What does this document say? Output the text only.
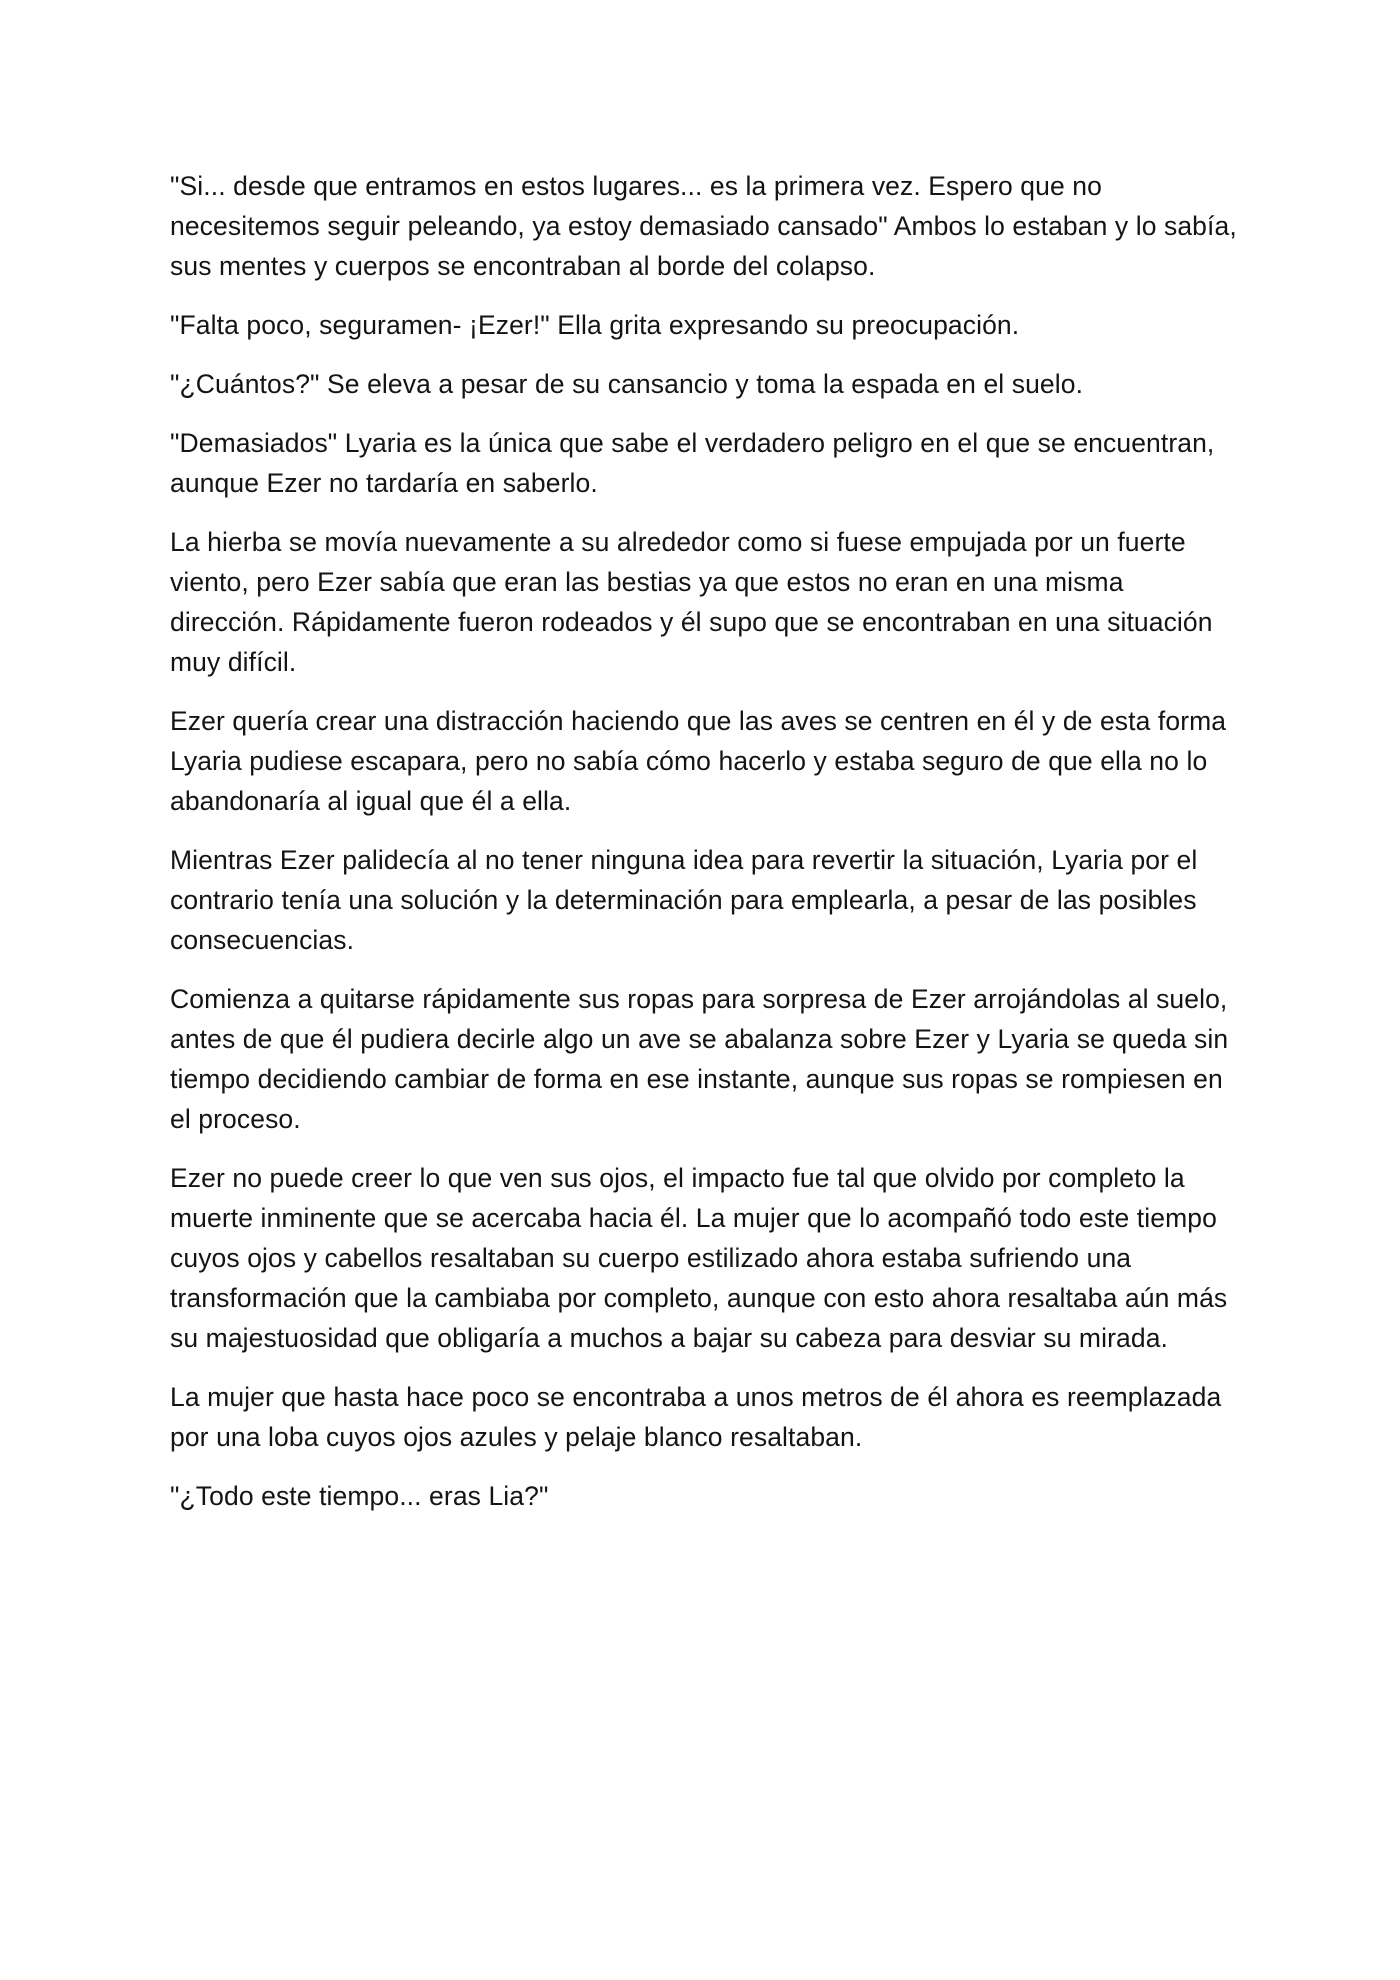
"Si... desde que entramos en estos lugares... es la primera vez. Espero que no necesitemos seguir peleando, ya estoy demasiado cansado" Ambos lo estaban y lo sabía, sus mentes y cuerpos se encontraban al borde del colapso.

"Falta poco, seguramen- ¡Ezer!" Ella grita expresando su preocupación.

"¿Cuántos?" Se eleva a pesar de su cansancio y toma la espada en el suelo.

"Demasiados" Lyaria es la única que sabe el verdadero peligro en el que se encuentran, aunque Ezer no tardaría en saberlo.

La hierba se movía nuevamente a su alrededor como si fuese empujada por un fuerte viento, pero Ezer sabía que eran las bestias ya que estos no eran en una misma dirección. Rápidamente fueron rodeados y él supo que se encontraban en una situación muy difícil.

Ezer quería crear una distracción haciendo que las aves se centren en él y de esta forma Lyaria pudiese escapara, pero no sabía cómo hacerlo y estaba seguro de que ella no lo abandonaría al igual que él a ella.

Mientras Ezer palidecía al no tener ninguna idea para revertir la situación, Lyaria por el contrario tenía una solución y la determinación para emplearla, a pesar de las posibles consecuencias.

Comienza a quitarse rápidamente sus ropas para sorpresa de Ezer arrojándolas al suelo, antes de que él pudiera decirle algo un ave se abalanza sobre Ezer y Lyaria se queda sin tiempo decidiendo cambiar de forma en ese instante, aunque sus ropas se rompiesen en el proceso.

Ezer no puede creer lo que ven sus ojos, el impacto fue tal que olvido por completo la muerte inminente que se acercaba hacia él. La mujer que lo acompañó todo este tiempo cuyos ojos y cabellos resaltaban su cuerpo estilizado ahora estaba sufriendo una transformación que la cambiaba por completo, aunque con esto ahora resaltaba aún más su majestuosidad que obligaría a muchos a bajar su cabeza para desviar su mirada.

La mujer que hasta hace poco se encontraba a unos metros de él ahora es reemplazada por una loba cuyos ojos azules y pelaje blanco resaltaban.

"¿Todo este tiempo... eras Lia?"
